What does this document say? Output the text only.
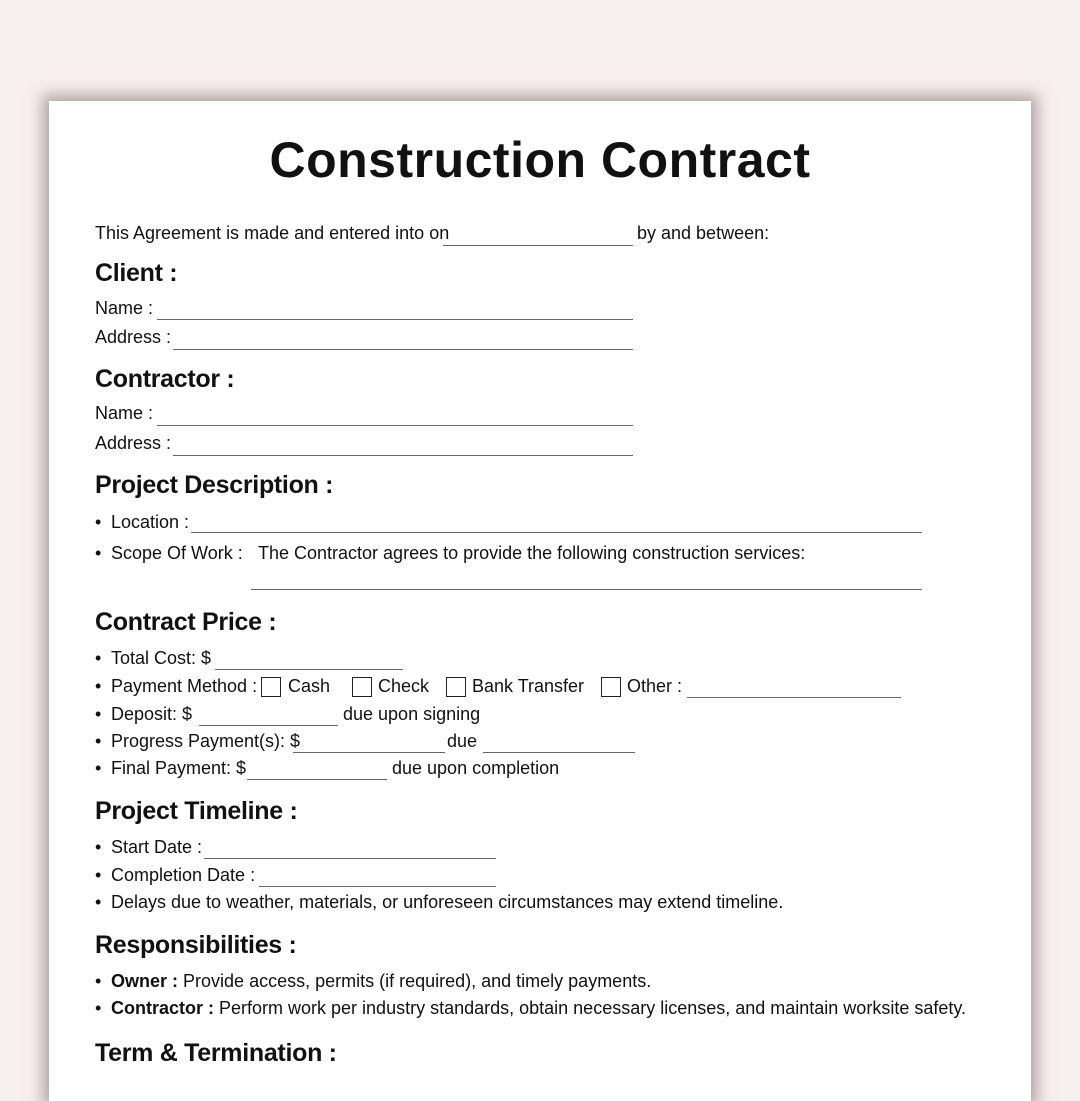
Construction Contract
This Agreement is made and entered into on	by and between:
Client :
Name :
Address :
Contractor :
Name :
Address :
Project Description :
• Location :
• Scope Of Work : The Contractor agrees to provide the following construction services:
Contract Price :
• Total Cost: $
• Payment Method : Cash	Check Bank Transfer Other :
• Deposit: $	due upon signing
• Progress Payment(s): $	due
• Final Payment: $	due upon completion
Project Timeline :
• Start Date :
• Completion Date :
• Delays due to weather, materials, or unforeseen circumstances may extend timeline.
Responsibilities :
• Owner : Provide access, permits (if required), and timely payments.
• Contractor : Perform work per industry standards, obtain necessary licenses, and maintain worksite safety.
Term & Termination :
